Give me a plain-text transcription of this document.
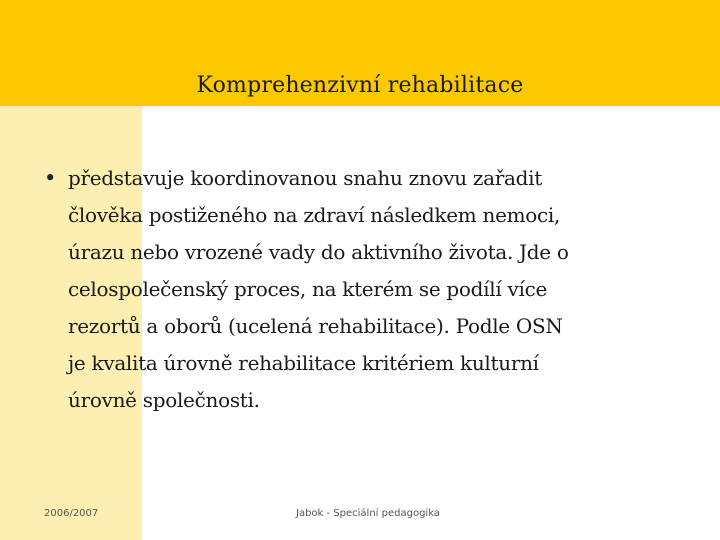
Komprehenzivní rehabilitace
• představuje koordinovanou snahu znovu zařadit
člověka postiženého na zdraví následkem nemoci,
úrazu nebo vrozené vady do aktivního života. Jde o
celospolečenský proces, na kterém se podílí více
rezortů a oborů (ucelená rehabilitace). Podle OSN
je kvalita úrovně rehabilitace kritériem kulturní
úrovně společnosti.
2006/2007	Jabok - Speciální pedagogika
